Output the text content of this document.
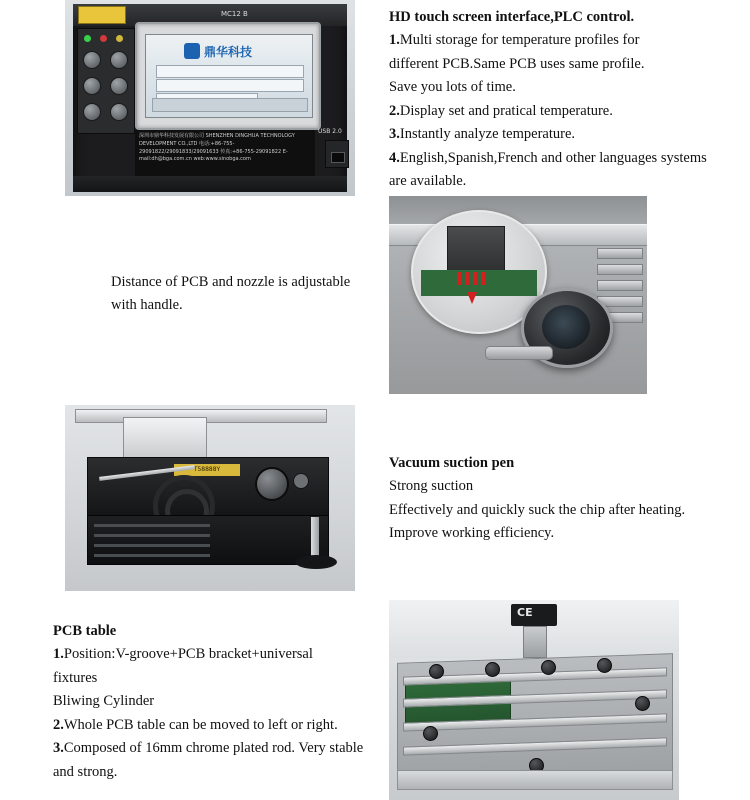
MC12 B
鼎华科技
深圳市鼎华科技发展有限公司 SHENZHEN DINGHUA TECHNOLOGY DEVELOPMENT CO.,LTD 电话:+86-755-29091822/29091833/29091633 传真:+86-755-29091822 E-mail:dh@bga.com.cn web:www.sinobga.com
USB 2.0

HD touch screen interface,PLC control.

1.Multi storage for temperature profiles for

different PCB.Same PCB uses same profile.

Save you lots of time.

2.Display set and pratical temperature.

3.Instantly analyze temperature.

4.English,Spanish,French and other languages systems

are available.

Distance of PCB and nozzle is adjustable

with handle.

T58888Y	Vacuum suction pen

Strong suction

Effectively and quickly suck the chip after heating.

Improve working efficiency.

PCB table

1.Position:V-groove+PCB bracket+universal

fixtures

Bliwing Cylinder

2.Whole PCB table can be moved to left or right.

3.Composed of 16mm chrome plated rod. Very stable

and strong.

CE
